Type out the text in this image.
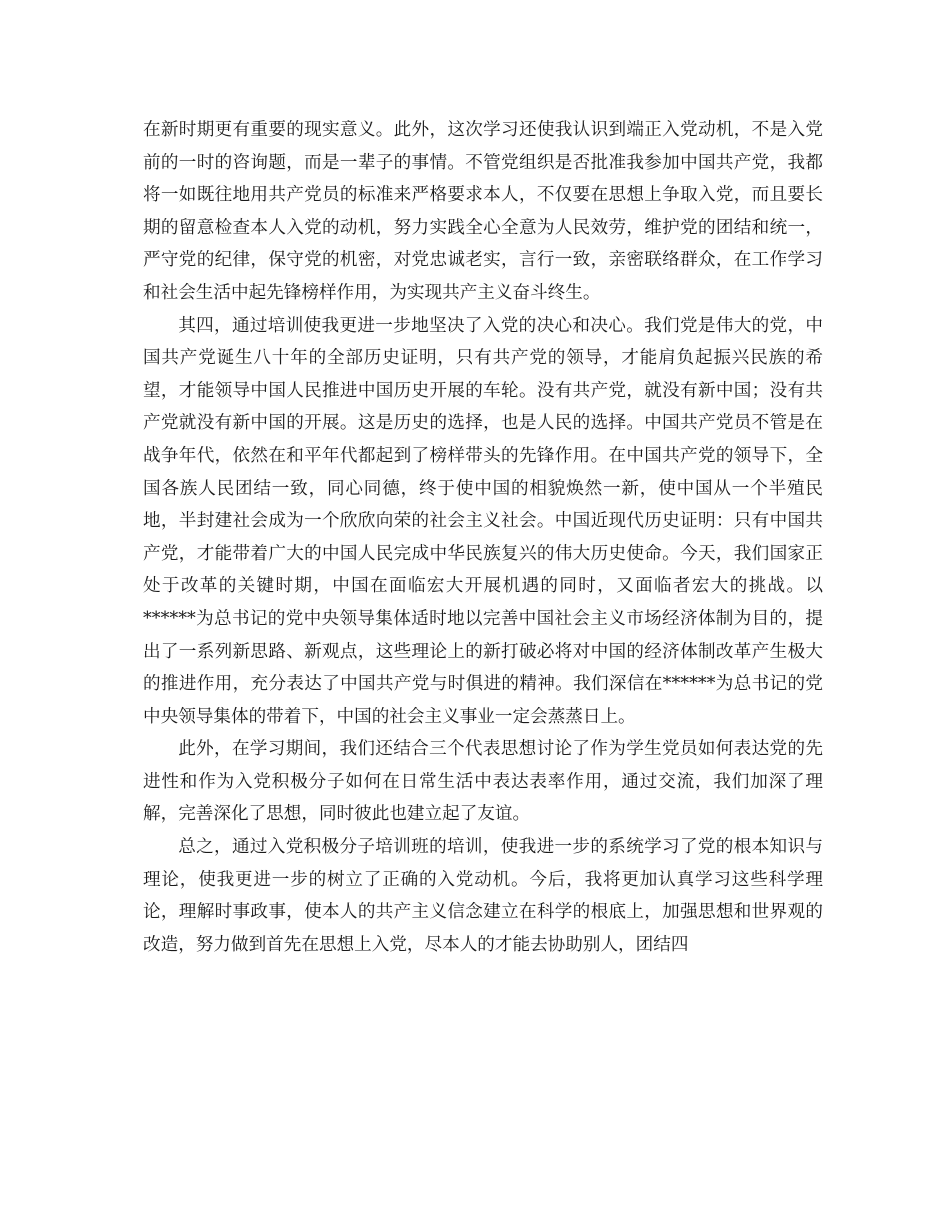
在新时期更有重要的现实意义。此外，这次学习还使我认识到端正入党动机，不是入党前的一时的咨询题，而是一辈子的事情。不管党组织是否批准我参加中国共产党，我都将一如既往地用共产党员的标准来严格要求本人，不仅要在思想上争取入党，而且要长期的留意检查本人入党的动机，努力实践全心全意为人民效劳，维护党的团结和统一，严守党的纪律，保守党的机密，对党忠诚老实，言行一致，亲密联络群众，在工作学习和社会生活中起先锋榜样作用，为实现共产主义奋斗终生。

其四，通过培训使我更进一步地坚决了入党的决心和决心。我们党是伟大的党，中国共产党诞生八十年的全部历史证明，只有共产党的领导，才能肩负起振兴民族的希望，才能领导中国人民推进中国历史开展的车轮。没有共产党，就没有新中国；没有共产党就没有新中国的开展。这是历史的选择，也是人民的选择。中国共产党员不管是在战争年代，依然在和平年代都起到了榜样带头的先锋作用。在中国共产党的领导下，全国各族人民团结一致，同心同德，终于使中国的相貌焕然一新，使中国从一个半殖民地，半封建社会成为一个欣欣向荣的社会主义社会。中国近现代历史证明：只有中国共产党，才能带着广大的中国人民完成中华民族复兴的伟大历史使命。今天，我们国家正处于改革的关键时期，中国在面临宏大开展机遇的同时，又面临者宏大的挑战。以******为总书记的党中央领导集体适时地以完善中国社会主义市场经济体制为目的，提出了一系列新思路、新观点，这些理论上的新打破必将对中国的经济体制改革产生极大的推进作用，充分表达了中国共产党与时俱进的精神。我们深信在******为总书记的党中央领导集体的带着下，中国的社会主义事业一定会蒸蒸日上。

此外，在学习期间，我们还结合三个代表思想讨论了作为学生党员如何表达党的先进性和作为入党积极分子如何在日常生活中表达表率作用，通过交流，我们加深了理解，完善深化了思想，同时彼此也建立起了友谊。

总之，通过入党积极分子培训班的培训，使我进一步的系统学习了党的根本知识与理论，使我更进一步的树立了正确的入党动机。今后，我将更加认真学习这些科学理论，理解时事政事，使本人的共产主义信念建立在科学的根底上，加强思想和世界观的改造，努力做到首先在思想上入党，尽本人的才能去协助别人，团结四
